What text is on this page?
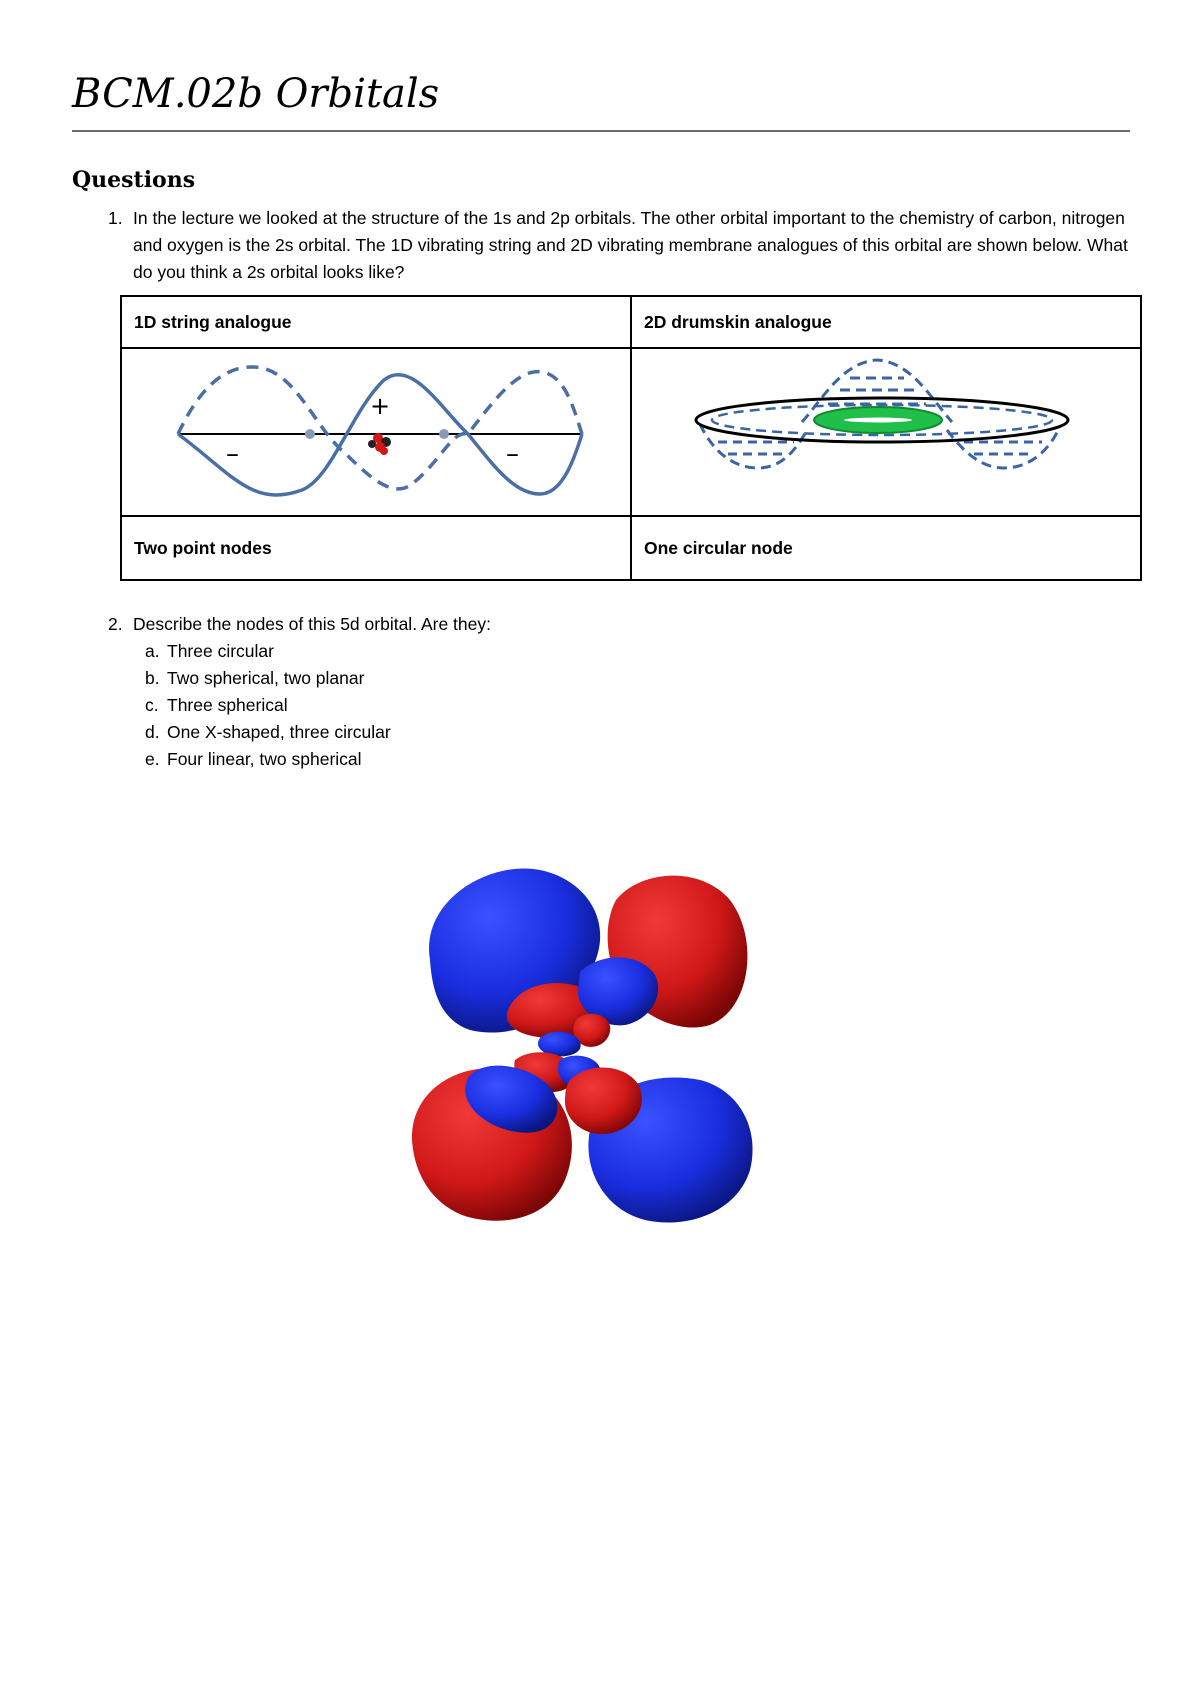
BCM.02b Orbitals
Questions
1. In the lecture we looked at the structure of the 1s and 2p orbitals. The other orbital important to the chemistry of carbon, nitrogen and oxygen is the 2s orbital. The 1D vibrating string and 2D vibrating membrane analogues of this orbital are shown below. What do you think a 2s orbital looks like?
1D string analogue	2D drumskin analogue

+
– –

Two point nodes	One circular node
2. Describe the nodes of this 5d orbital. Are they:
a. Three circular
b. Two spherical, two planar
c. Three spherical
d. One X-shaped, three circular
e. Four linear, two spherical
